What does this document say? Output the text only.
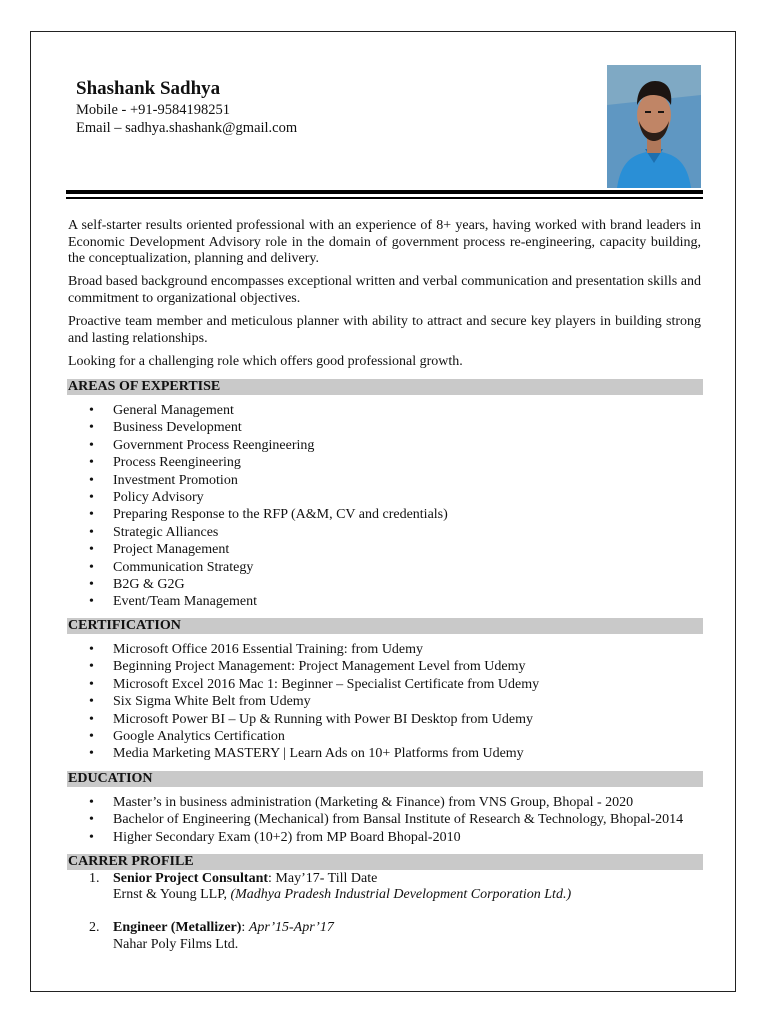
Shashank Sadhya
Mobile - +91-9584198251
Email – sadhya.shashank@gmail.com
A self-starter results oriented professional with an experience of 8+ years, having worked with brand leaders in Economic Development Advisory role in the domain of government process re-engineering, capacity building, the conceptualization, planning and delivery.
Broad based background encompasses exceptional written and verbal communication and presentation skills and commitment to organizational objectives.
Proactive team member and meticulous planner with ability to attract and secure key players in building strong and lasting relationships.
Looking for a challenging role which offers good professional growth.
AREAS OF EXPERTISE
• General Management
• Business Development
• Government Process Reengineering
• Process Reengineering
• Investment Promotion
• Policy Advisory
• Preparing Response to the RFP (A&M, CV and credentials)
• Strategic Alliances
• Project Management
• Communication Strategy
• B2G & G2G
• Event/Team Management
CERTIFICATION
• Microsoft Office 2016 Essential Training: from Udemy
• Beginning Project Management: Project Management Level from Udemy
• Microsoft Excel 2016 Mac 1: Beginner – Specialist Certificate from Udemy
• Six Sigma White Belt from Udemy
• Microsoft Power BI – Up & Running with Power BI Desktop from Udemy
• Google Analytics Certification
• Media Marketing MASTERY | Learn Ads on 10+ Platforms from Udemy
EDUCATION
• Master’s in business administration (Marketing & Finance) from VNS Group, Bhopal - 2020
• Bachelor of Engineering (Mechanical) from Bansal Institute of Research & Technology, Bhopal-2014
• Higher Secondary Exam (10+2) from MP Board Bhopal-2010
CARRER PROFILE
1. Senior Project Consultant: May’17- Till Date
Ernst & Young LLP, (Madhya Pradesh Industrial Development Corporation Ltd.)
2. Engineer (Metallizer): Apr’15-Apr’17
Nahar Poly Films Ltd.
